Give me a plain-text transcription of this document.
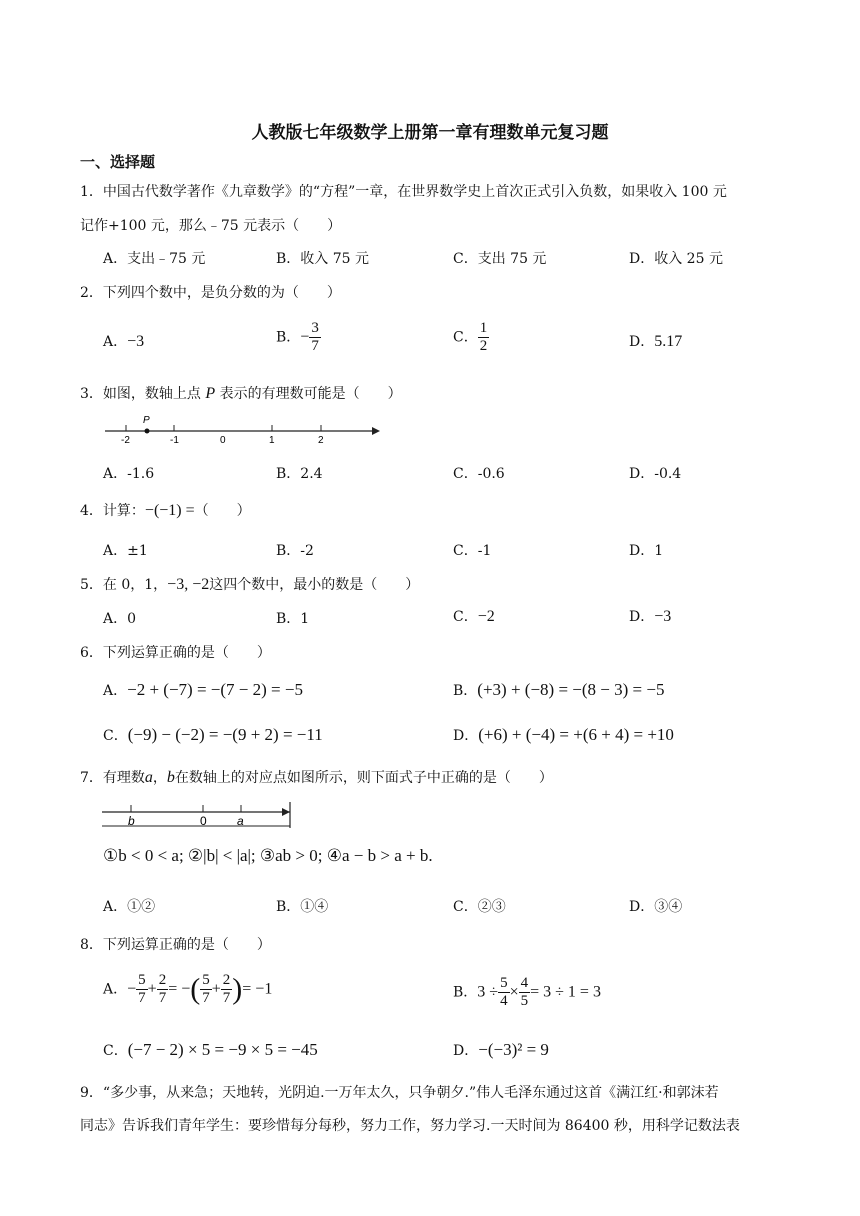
人教版七年级数学上册第一章有理数单元复习题
一、选择题
1．中国古代数学著作《九章数学》的“方程”一章，在世界数学史上首次正式引入负数，如果收入 100 元
记作+100 元，那么﹣75 元表示（　　）
A．支出﹣75 元	B．收入 75 元	C．支出 75 元	D．收入 25 元
2．下列四个数中，是负分数的为（　　）
A．−3	B．− $\frac{3}{7}$	C． $\frac{1}{2}$	D．5.17
3．如图，数轴上点 P 表示的有理数可能是（　　）
P
-2	-1	0	1	2
A．-1.6	B．2.4	C．-0.6	D．-0.4
4．计算：−(−1) =（　　）
A．±1	B．-2	C．-1	D．1
5．在 0，1，−3, −2这四个数中，最小的数是（　　）
A．0	B．1	C．−2	D．−3
6．下列运算正确的是（　　）
A．−2 + (−7) = −(7 − 2) = −5	B．(+3) + (−8) = −(8 − 3) = −5
C．(−9) − (−2) = −(9 + 2) = −11	D．(+6) + (−4) = +(6 + 4) = +10
7．有理数a，b在数轴上的对应点如图所示，则下面式子中正确的是（　　）
b	0	a
①b < 0 < a; ②|b| < |a|; ③ab > 0; ④a − b > a + b.
A．①②	B．①④	C．②③	D．③④
8．下列运算正确的是（　　）
A．− $\frac{5}{7} + \frac{2}{7}$ = −( $\frac{5}{7} + \frac{2}{7}$ )= −1	B．$3 \div \frac{5}{4} \times \frac{4}{5} = 3 \div 1 = 3$
C．(−7 − 2) × 5 = −9 × 5 = −45	D．−(−3)² = 9
9．“多少事，从来急；天地转，光阴迫.一万年太久，只争朝夕.”伟人毛泽东通过这首《满江红·和郭沫若
同志》告诉我们青年学生：要珍惜每分每秒，努力工作，努力学习.一天时间为 86400 秒，用科学记数法表
